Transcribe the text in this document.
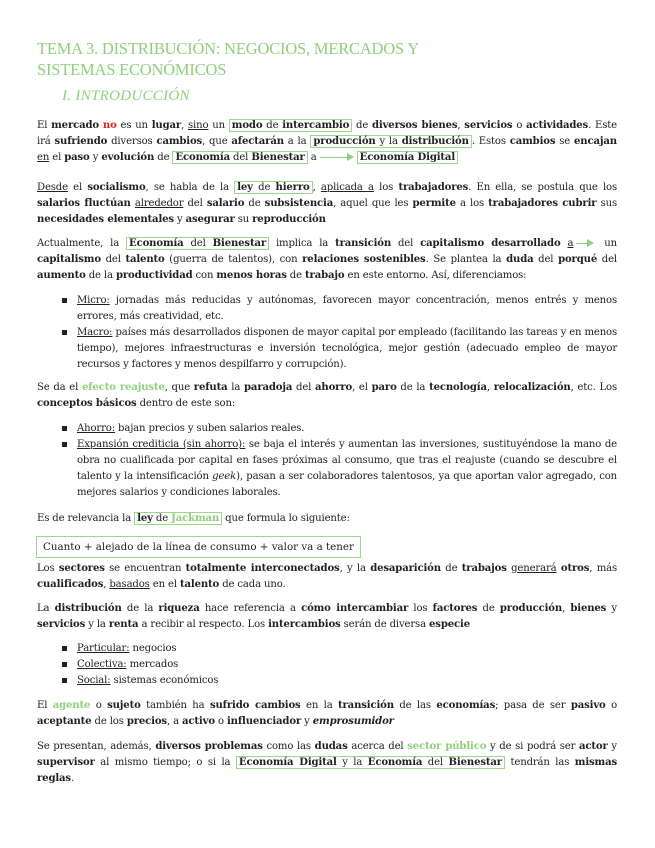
TEMA 3. DISTRIBUCIÓN: NEGOCIOS, MERCADOS Y SISTEMAS ECONÓMICOS
I. INTRODUCCIÓN
El mercado no es un lugar, sino un modo de intercambio de diversos bienes, servicios o actividades. Este irá sufriendo diversos cambios, que afectarán a la producción y la distribución . Estos cambios se encajan en el paso y evolución de Economía del Bienestar a	Economía Digital
Desde el socialismo, se habla de la ley de hierro , aplicada a los trabajadores. En ella, se postula que los salarios fluctúan alrededor del salario de subsistencia, aquel que les permite a los trabajadores cubrir sus necesidades elementales y asegurar su reproducción
Actualmente, la Economía del Bienestar implica la transición del capitalismo desarrollado a un capitalismo del talento (guerra de talentos), con relaciones sostenibles. Se plantea la duda del porqué del aumento de la productividad con menos horas de trabajo en este entorno. Así, diferenciamos:
Micro: jornadas más reducidas y autónomas, favorecen mayor concentración, menos entrés y menos errores, más creatividad, etc.
Macro: países más desarrollados disponen de mayor capital por empleado (facilitando las tareas y en menos tiempo), mejores infraestructuras e inversión tecnológica, mejor gestión (adecuado empleo de mayor recursos y factores y menos despilfarro y corrupción).
Se da el efecto reajuste, que refuta la paradoja del ahorro, el paro de la tecnología, relocalización, etc. Los conceptos básicos dentro de este son:
Ahorro: bajan precios y suben salarios reales.
Expansión crediticia (sin ahorro): se baja el interés y aumentan las inversiones, sustituyéndose la mano de obra no cualificada por capital en fases próximas al consumo, que tras el reajuste (cuando se descubre el talento y la intensificación geek), pasan a ser colaboradores talentosos, ya que aportan valor agregado, con mejores salarios y condiciones laborales.
Es de relevancia la ley de Jackman que formula lo siguiente:
Cuanto + alejado de la línea de consumo + valor va a tener
Los sectores se encuentran totalmente interconectados, y la desaparición de trabajos generará otros, más cualificados, basados en el talento de cada uno.
La distribución de la riqueza hace referencia a cómo intercambiar los factores de producción, bienes y servicios y la renta a recibir al respecto. Los intercambios serán de diversa especie
Particular: negocios
Colectiva: mercados
Social: sistemas económicos
El agente o sujeto también ha sufrido cambios en la transición de las economías; pasa de ser pasivo o aceptante de los precios, a activo o influenciador y emprosumidor
Se presentan, además, diversos problemas como las dudas acerca del sector público y de si podrá ser actor y supervisor al mismo tiempo; o si la Economía Digital y la Economía del Bienestar tendrán las mismas reglas.
